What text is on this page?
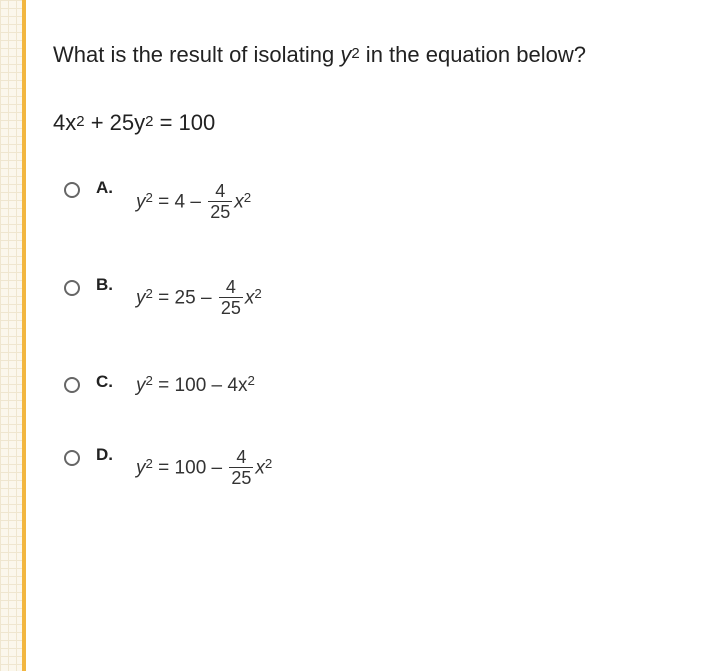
What is the result of isolating $y^2$ in the equation below?
$4x^2 + 25y^2 = 100$
A.
$y^2 = 4 - \frac{4}{25} x^2$
B.
$y^2 = 25 - \frac{4}{25} x^2$
C. $y^2 = 100 - 4x^2$
D.
$y^2 = 100 - \frac{4}{25} x^2$
